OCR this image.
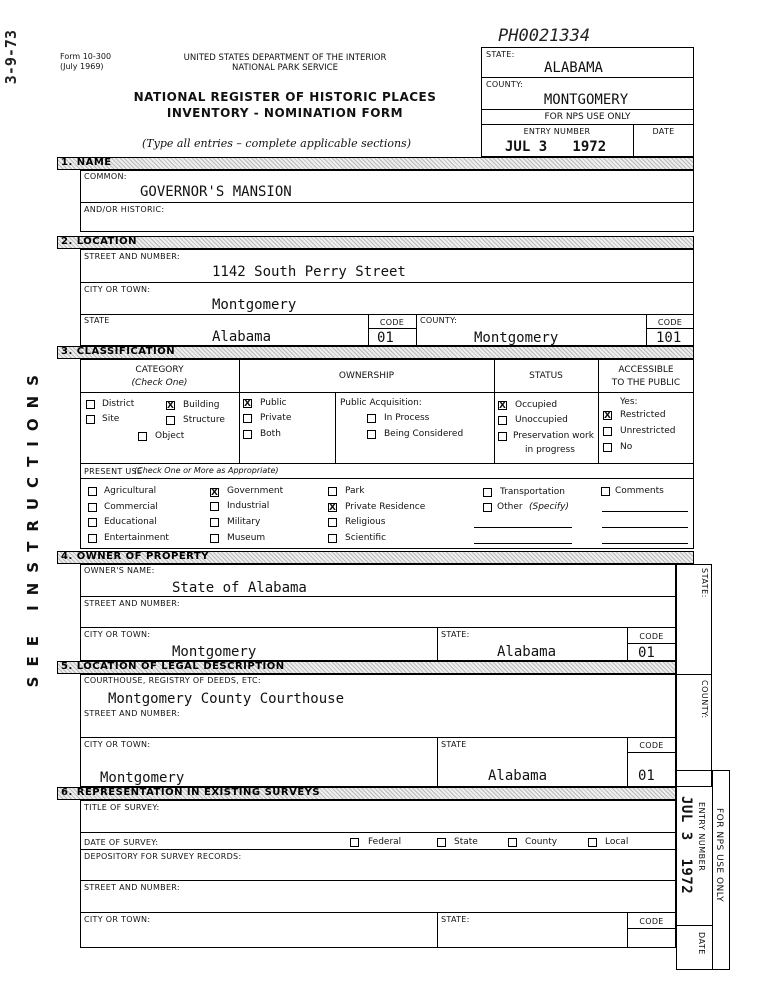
3-9-73
SEE INSTRUCTIONS
PH0021334
Form 10-300
(July 1969)
UNITED STATES DEPARTMENT OF THE INTERIOR
NATIONAL PARK SERVICE
NATIONAL REGISTER OF HISTORIC PLACES
INVENTORY - NOMINATION FORM
(Type all entries – complete applicable sections)
STATE:
ALABAMA
COUNTY:
MONTGOMERY
FOR NPS USE ONLY
ENTRY NUMBER	DATE
JUL 3   1972
1. NAME
COMMON:
GOVERNOR'S MANSION
AND/OR HISTORIC:
2. LOCATION
STREET AND NUMBER:
1142 South Perry Street
CITY OR TOWN:
Montgomery
STATE
Alabama
CODE
01
COUNTY:
Montgomery
CODE
101
3. CLASSIFICATION
CATEGORY
(Check One)
OWNERSHIP	STATUS
ACCESSIBLE
TO THE PUBLIC
District	X Building
Site	Structure
Object
X Public
Private
Both
Public Acquisition:
In Process
Being Considered
X Occupied
Unoccupied
Preservation work
in progress
Yes:
X Restricted
Unrestricted
No
PRESENT USE
(Check One or More as Appropriate)
Agricultural
Commercial
Educational
Entertainment
X Government
Industrial
Military
Museum
Park
X Private Residence
Religious
Scientific
Transportation
Other (Specify)
Comments
4. OWNER OF PROPERTY
OWNER'S NAME:
State of Alabama
STREET AND NUMBER:
CITY OR TOWN:
Montgomery
STATE:
Alabama
CODE
01
5. LOCATION OF LEGAL DESCRIPTION
COURTHOUSE, REGISTRY OF DEEDS, ETC:
Montgomery County Courthouse
STREET AND NUMBER:
CITY OR TOWN:
Montgomery
STATE
Alabama
CODE
01
STATE:
COUNTY:
6. REPRESENTATION IN EXISTING SURVEYS
TITLE OF SURVEY:
DATE OF SURVEY:	Federal	State	County	Local
DEPOSITORY FOR SURVEY RECORDS:
STREET AND NUMBER:
CITY OR TOWN:	STATE:	CODE
FOR NPS USE ONLY
ENTRY NUMBER
DATE
JUL 3  1972
